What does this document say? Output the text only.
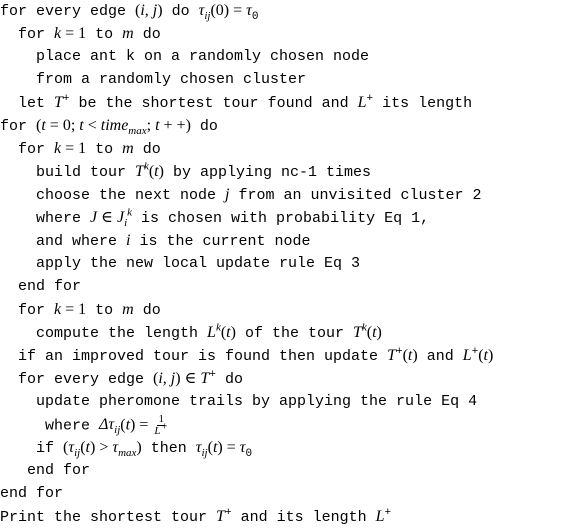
for every edge (i, j) do $\tau_{ij}(0) = \tau_0$
for k = 1 to m do
place ant k on a randomly chosen node
from a randomly chosen cluster
let T+ be the shortest tour found and L+ its length
for (t = 0; t < time$_{max}$; t + +) do
for k = 1 to m do
build tour $T^k(t)$ by applying nc-1 times
choose the next node j from an unvisited cluster 2
where J ∈ $J_i^k$ is chosen with probability Eq 1,
and where i is the current node
apply the new local update rule Eq 3
end for
for k = 1 to m do
compute the length $L^k(t)$ of the tour $T^k(t)$
if an improved tour is found then update T+(t) and L+(t)
for every edge (i, j) ∈ T+ do
update pheromone trails by applying the rule Eq 4
where $\Delta\tau_{ij}(t) = \frac{1}{L^+}$
if $(\tau_{ij}(t) > \tau_{max})$ then $\tau_{ij}(t) = \tau_0$
end for
end for
Print the shortest tour T+ and its length L+
